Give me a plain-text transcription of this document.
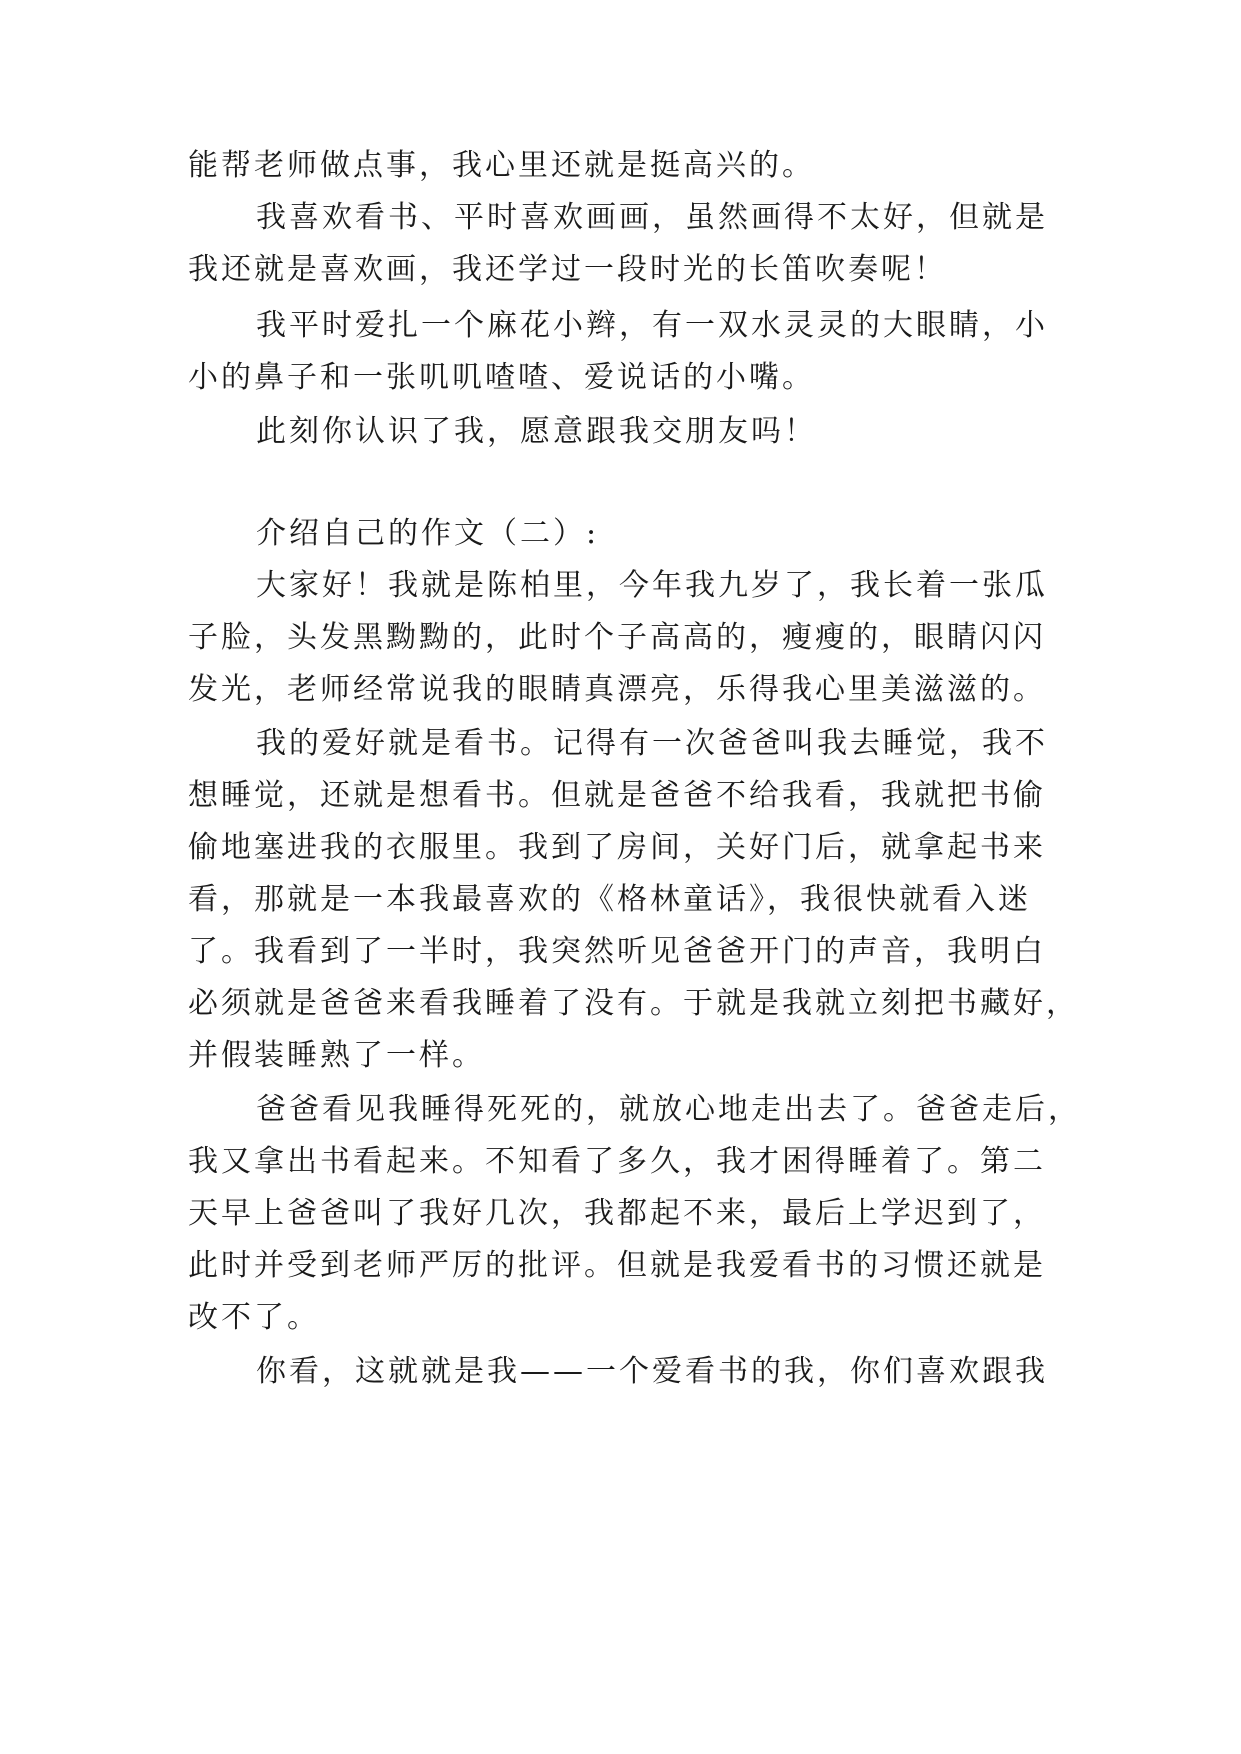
能帮老师做点事，我心里还就是挺高兴的。
我喜欢看书、平时喜欢画画，虽然画得不太好，但就是
我还就是喜欢画，我还学过一段时光的长笛吹奏呢！
我平时爱扎一个麻花小辫，有一双水灵灵的大眼睛，小
小的鼻子和一张叽叽喳喳、爱说话的小嘴。
此刻你认识了我，愿意跟我交朋友吗！
介绍自己的作文（二）:
大家好！我就是陈柏里，今年我九岁了，我长着一张瓜
子脸，头发黑黝黝的，此时个子高高的，瘦瘦的，眼睛闪闪
发光，老师经常说我的眼睛真漂亮，乐得我心里美滋滋的。
我的爱好就是看书。记得有一次爸爸叫我去睡觉，我不
想睡觉，还就是想看书。但就是爸爸不给我看，我就把书偷
偷地塞进我的衣服里。我到了房间，关好门后，就拿起书来
看，那就是一本我最喜欢的《格林童话》，我很快就看入迷
了。我看到了一半时，我突然听见爸爸开门的声音，我明白
必须就是爸爸来看我睡着了没有。于就是我就立刻把书藏好，
并假装睡熟了一样。
爸爸看见我睡得死死的，就放心地走出去了。爸爸走后，
我又拿出书看起来。不知看了多久，我才困得睡着了。第二
天早上爸爸叫了我好几次，我都起不来，最后上学迟到了，
此时并受到老师严厉的批评。但就是我爱看书的习惯还就是
改不了。
你看，这就就是我——一个爱看书的我，你们喜欢跟我
